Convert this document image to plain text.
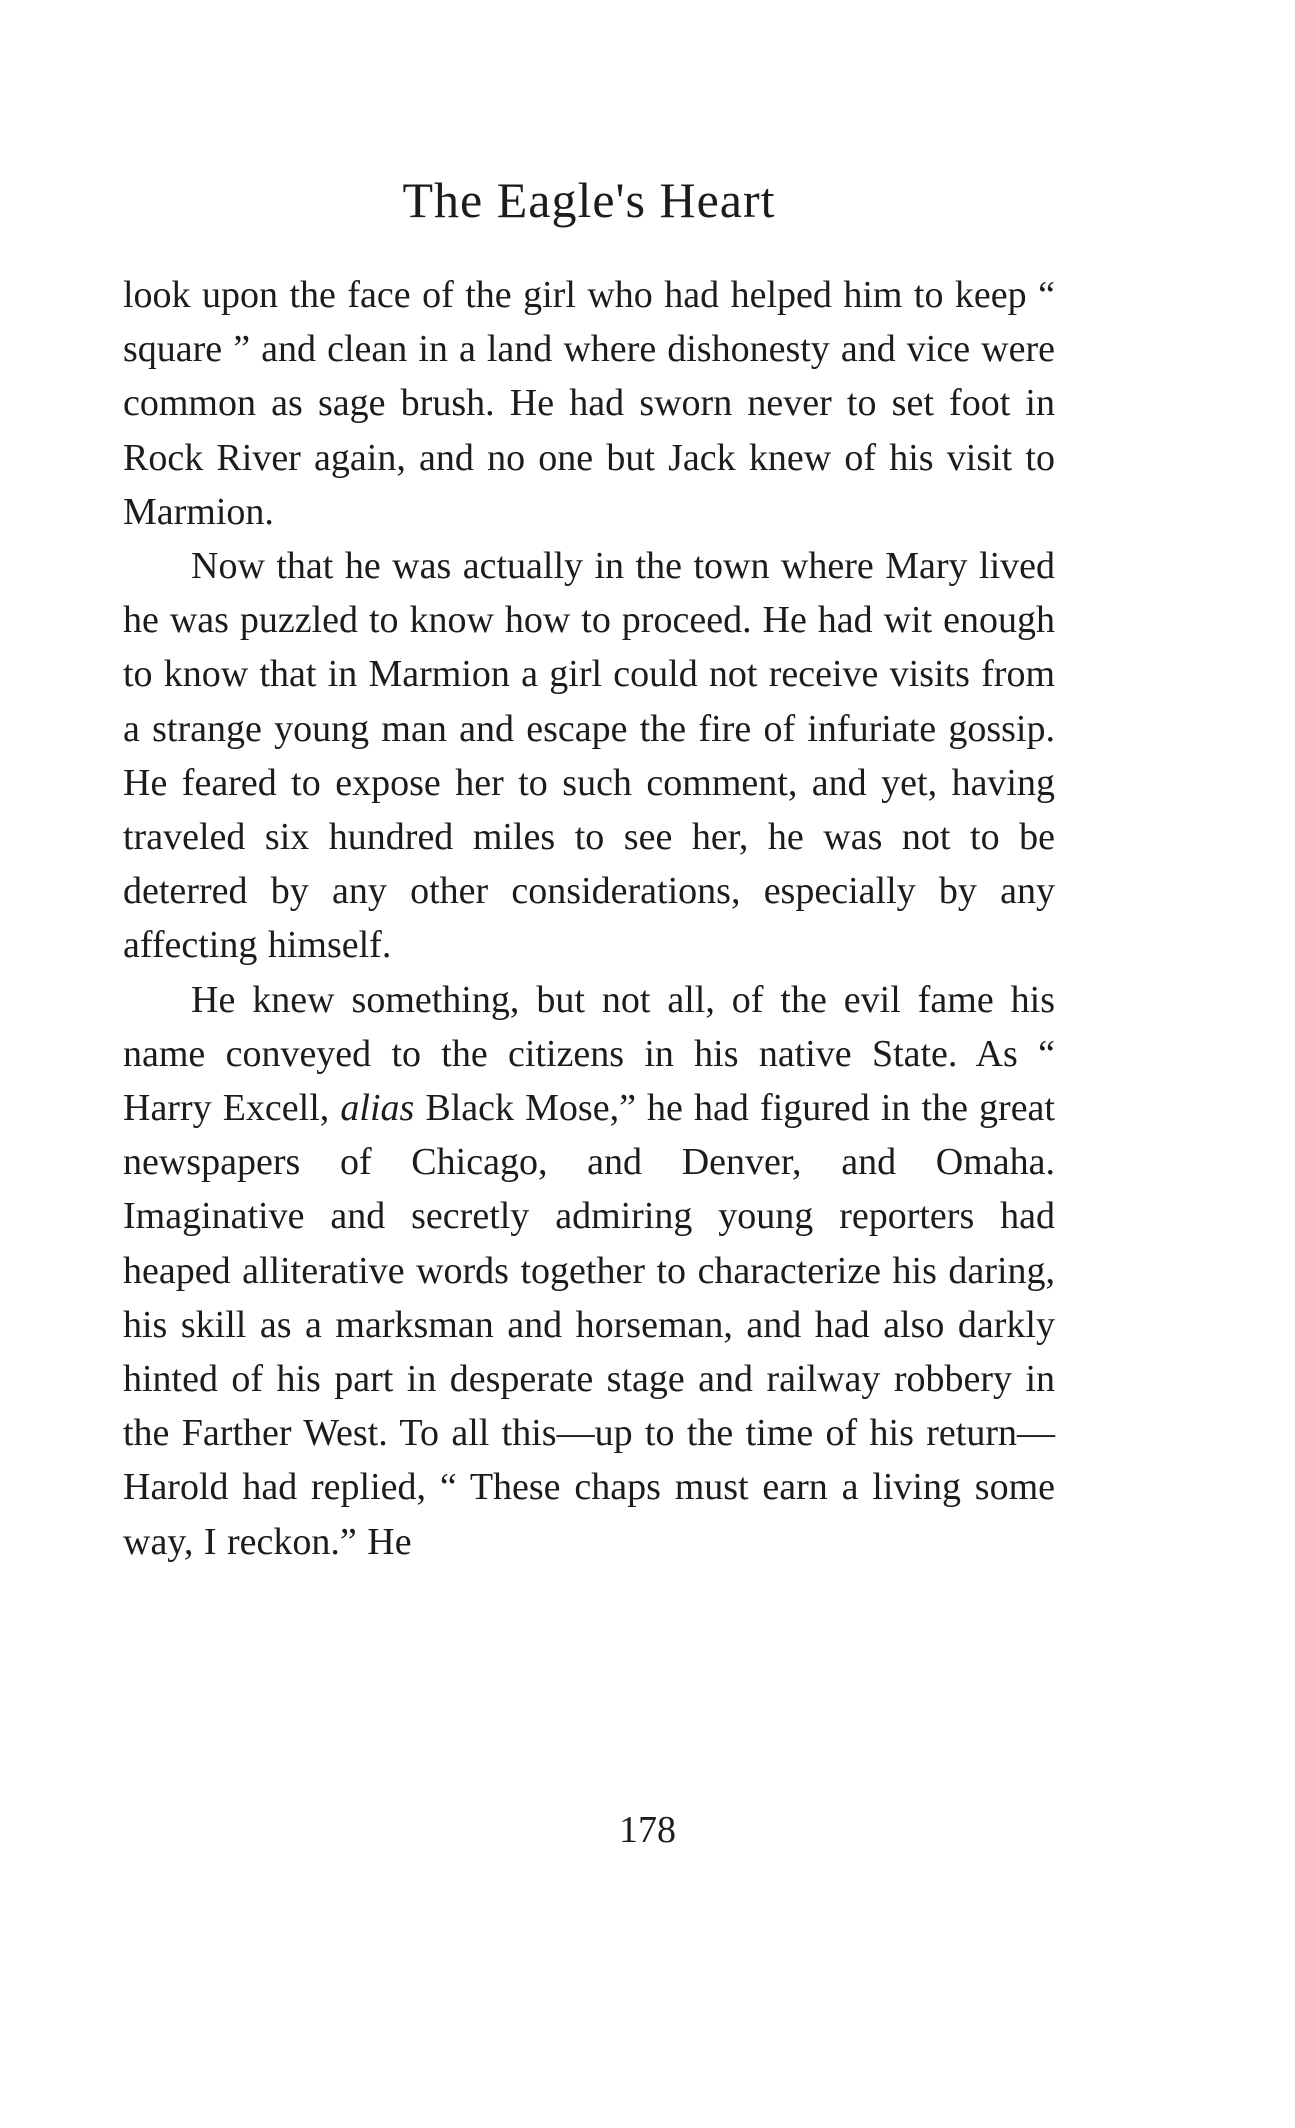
The Eagle's Heart

look upon the face of the girl who had helped him to keep “ square ” and clean in a land where dishonesty and vice were common as sage brush. He had sworn never to set foot in Rock River again, and no one but Jack knew of his visit to Marmion.

Now that he was actually in the town where Mary lived he was puzzled to know how to proceed. He had wit enough to know that in Marmion a girl could not receive visits from a strange young man and escape the fire of infuriate gossip. He feared to expose her to such comment, and yet, having traveled six hundred miles to see her, he was not to be deterred by any other considerations, especially by any affecting himself.

He knew something, but not all, of the evil fame his name conveyed to the citizens in his native State. As “ Harry Excell, alias Black Mose,” he had figured in the great newspapers of Chicago, and Denver, and Omaha. Imaginative and secretly admiring young reporters had heaped alliterative words together to characterize his daring, his skill as a marksman and horseman, and had also darkly hinted of his part in desperate stage and railway robbery in the Farther West. To all this—up to the time of his return—Harold had replied, “ These chaps must earn a living some way, I reckon.” He

178
